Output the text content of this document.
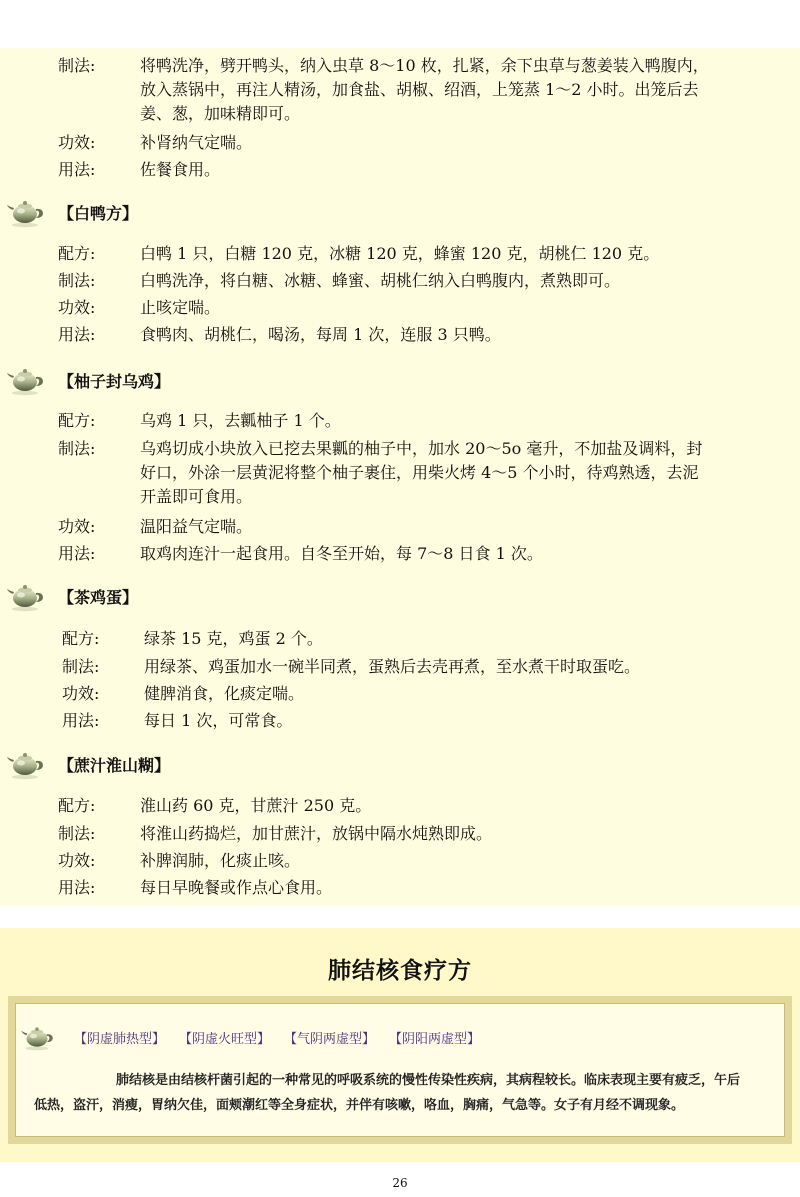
制法:	将鸭洗净，劈开鸭头，纳入虫草 8～10 枚，扎紧，余下虫草与葱姜装入鸭腹内，
放入蒸锅中，再注人精汤，加食盐、胡椒、绍酒，上笼蒸 1～2 小时。出笼后去
姜、葱，加味精即可。
功效:	补肾纳气定喘。
用法:	佐餐食用。
【白鸭方】
配方:	白鸭 1 只，白糖 120 克，冰糖 120 克，蜂蜜 120 克，胡桃仁 120 克。
制法:	白鸭洗净，将白糖、冰糖、蜂蜜、胡桃仁纳入白鸭腹内，煮熟即可。
功效:	止咳定喘。
用法:	食鸭肉、胡桃仁，喝汤，每周 1 次，连服 3 只鸭。
【柚子封乌鸡】
配方:	乌鸡 1 只，去瓤柚子 1 个。
制法:	乌鸡切成小块放入已挖去果瓤的柚子中，加水 20～5o 毫升，不加盐及调料，封
好口，外涂一层黄泥将整个柚子裹住，用柴火烤 4～5 个小时，待鸡熟透，去泥
开盖即可食用。
功效:	温阳益气定喘。
用法:	取鸡肉连汁一起食用。自冬至开始，每 7～8 日食 1 次。
【茶鸡蛋】
配方:	绿茶 15 克，鸡蛋 2 个。
制法:	用绿茶、鸡蛋加水一碗半同煮，蛋熟后去壳再煮，至水煮干时取蛋吃。
功效:	健脾消食，化痰定喘。
用法:	每日 1 次，可常食。
【蔗汁淮山糊】
配方:	淮山药 60 克，甘蔗汁 250 克。
制法:	将淮山药捣烂，加甘蔗汁，放锅中隔水炖熟即成。
功效:	补脾润肺，化痰止咳。
用法:	每日早晚餐或作点心食用。
肺结核食疗方
【阴虚肺热型】 【阴虚火旺型】 【气阴两虚型】 【阴阳两虚型】
肺结核是由结核杆菌引起的一种常见的呼吸系统的慢性传染性疾病，其病程较长。临床表现主要有疲乏，午后
低热，盗汗，消瘦，胃纳欠佳，面颊潮红等全身症状，并伴有咳嗽，咯血，胸痛，气急等。女子有月经不调现象。
26
